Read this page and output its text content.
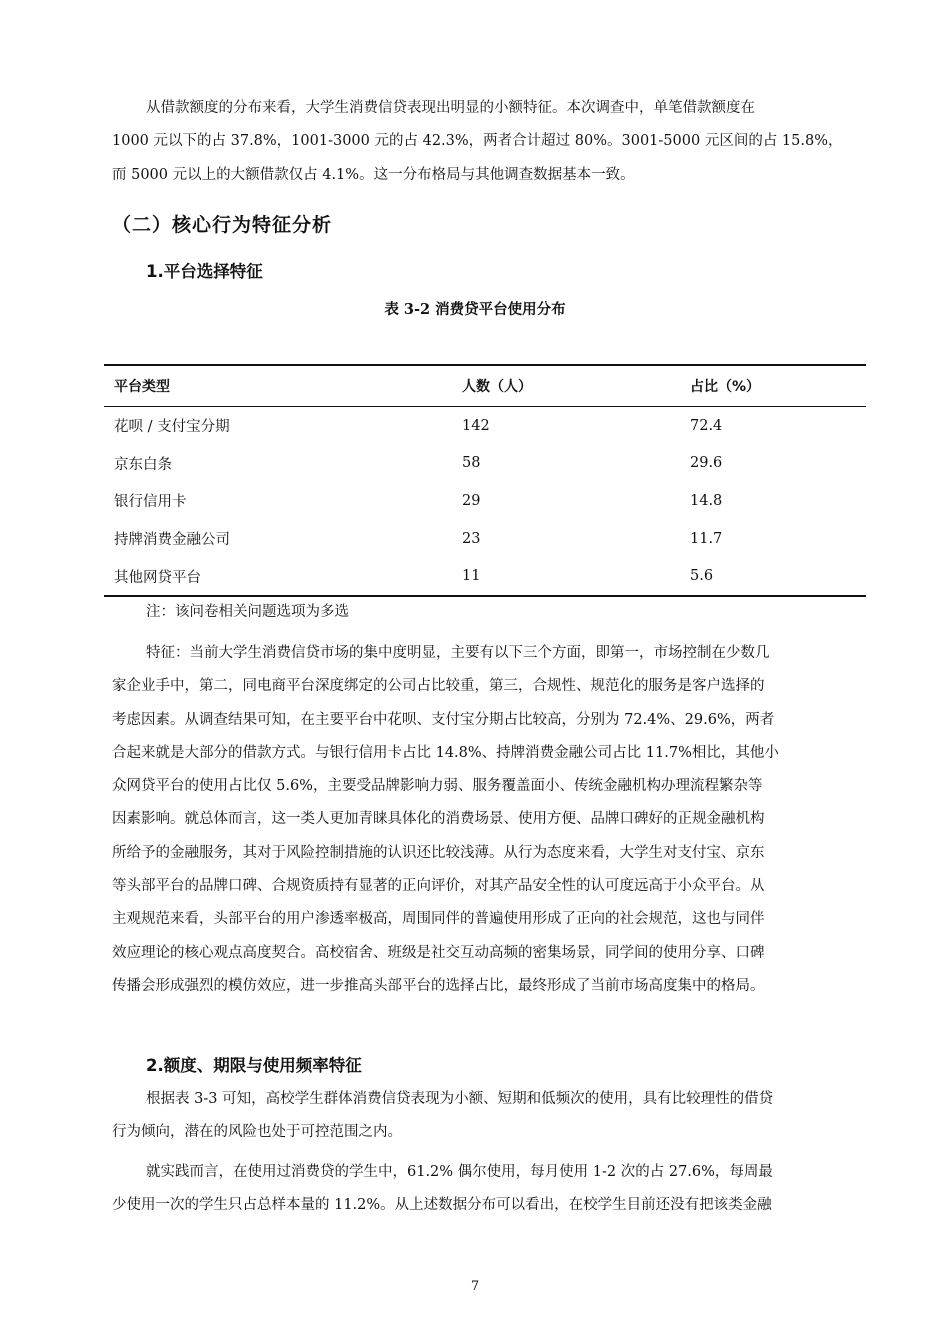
从借款额度的分布来看，大学生消费信贷表现出明显的小额特征。本次调查中，单笔借款额度在
1000 元以下的占 37.8%，1001-3000 元的占 42.3%，两者合计超过 80%。3001-5000 元区间的占 15.8%，
而 5000 元以上的大额借款仅占 4.1%。这一分布格局与其他调查数据基本一致。
（二）核心行为特征分析
1.平台选择特征

表 3-2 消费贷平台使用分布

平台类型	人数（人）	占比（%）
花呗 / 支付宝分期	142	72.4
京东白条	58	29.6
银行信用卡	29	14.8
持牌消费金融公司	23	11.7
其他网贷平台	11	5.6

注：该问卷相关问题选项为多选

特征：当前大学生消费信贷市场的集中度明显，主要有以下三个方面，即第一，市场控制在少数几
家企业手中，第二，同电商平台深度绑定的公司占比较重，第三，合规性、规范化的服务是客户选择的
考虑因素。从调查结果可知，在主要平台中花呗、支付宝分期占比较高，分别为 72.4%、29.6%，两者
合起来就是大部分的借款方式。与银行信用卡占比 14.8%、持牌消费金融公司占比 11.7%相比，其他小
众网贷平台的使用占比仅 5.6%，主要受品牌影响力弱、服务覆盖面小、传统金融机构办理流程繁杂等
因素影响。就总体而言，这一类人更加青睐具体化的消费场景、使用方便、品牌口碑好的正规金融机构
所给予的金融服务，其对于风险控制措施的认识还比较浅薄。从行为态度来看，大学生对支付宝、京东
等头部平台的品牌口碑、合规资质持有显著的正向评价，对其产品安全性的认可度远高于小众平台。从
主观规范来看，头部平台的用户渗透率极高，周围同伴的普遍使用形成了正向的社会规范，这也与同伴
效应理论的核心观点高度契合。高校宿舍、班级是社交互动高频的密集场景，同学间的使用分享、口碑
传播会形成强烈的模仿效应，进一步推高头部平台的选择占比，最终形成了当前市场高度集中的格局。
2.额度、期限与使用频率特征
根据表 3-3 可知，高校学生群体消费信贷表现为小额、短期和低频次的使用，具有比较理性的借贷
行为倾向，潜在的风险也处于可控范围之内。
就实践而言，在使用过消费贷的学生中，61.2% 偶尔使用，每月使用 1-2 次的占 27.6%，每周最
少使用一次的学生只占总样本量的 11.2%。从上述数据分布可以看出，在校学生目前还没有把该类金融

7
